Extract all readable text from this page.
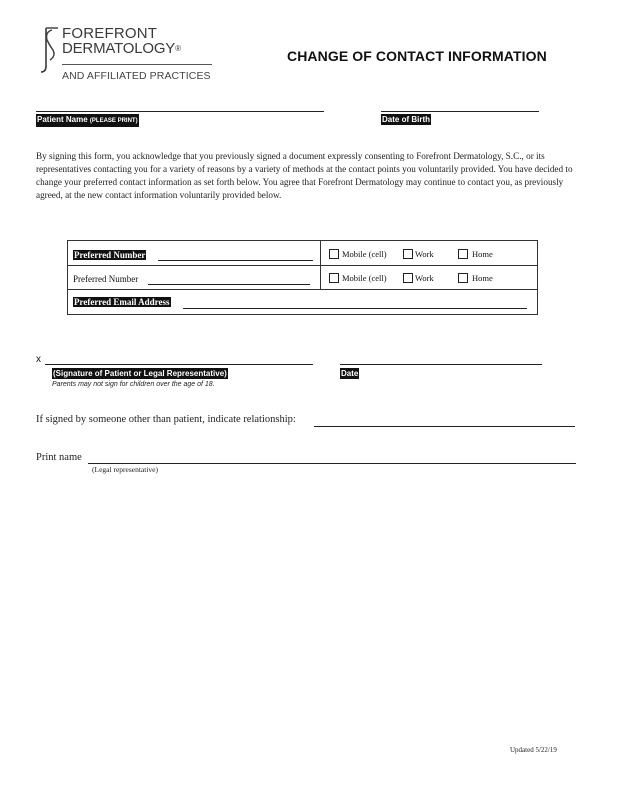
FOREFRONT
DERMATOLOGY®
AND AFFILIATED PRACTICES
CHANGE OF CONTACT INFORMATION
Patient Name (PLEASE PRINT)	Date of Birth
By signing this form, you acknowledge that you previously signed a document expressly consenting to Forefront Dermatology, S.C., or its representatives contacting you for a variety of reasons by a variety of methods at the contact points you voluntarily provided. You have decided to change your preferred contact information as set forth below. You agree that Forefront Dermatology may continue to contact you, as previously agreed, at the new contact information voluntarily provided below.
Preferred Number	Mobile (cell)	Work	Home
Preferred Number	Mobile (cell)	Work	Home
Preferred Email Address
x
(Signature of Patient or Legal Representative)
Parents may not sign for children over the age of 18.
Date
If signed by someone other than patient, indicate relationship:
Print name
(Legal representative)
Updated 5/22/19
